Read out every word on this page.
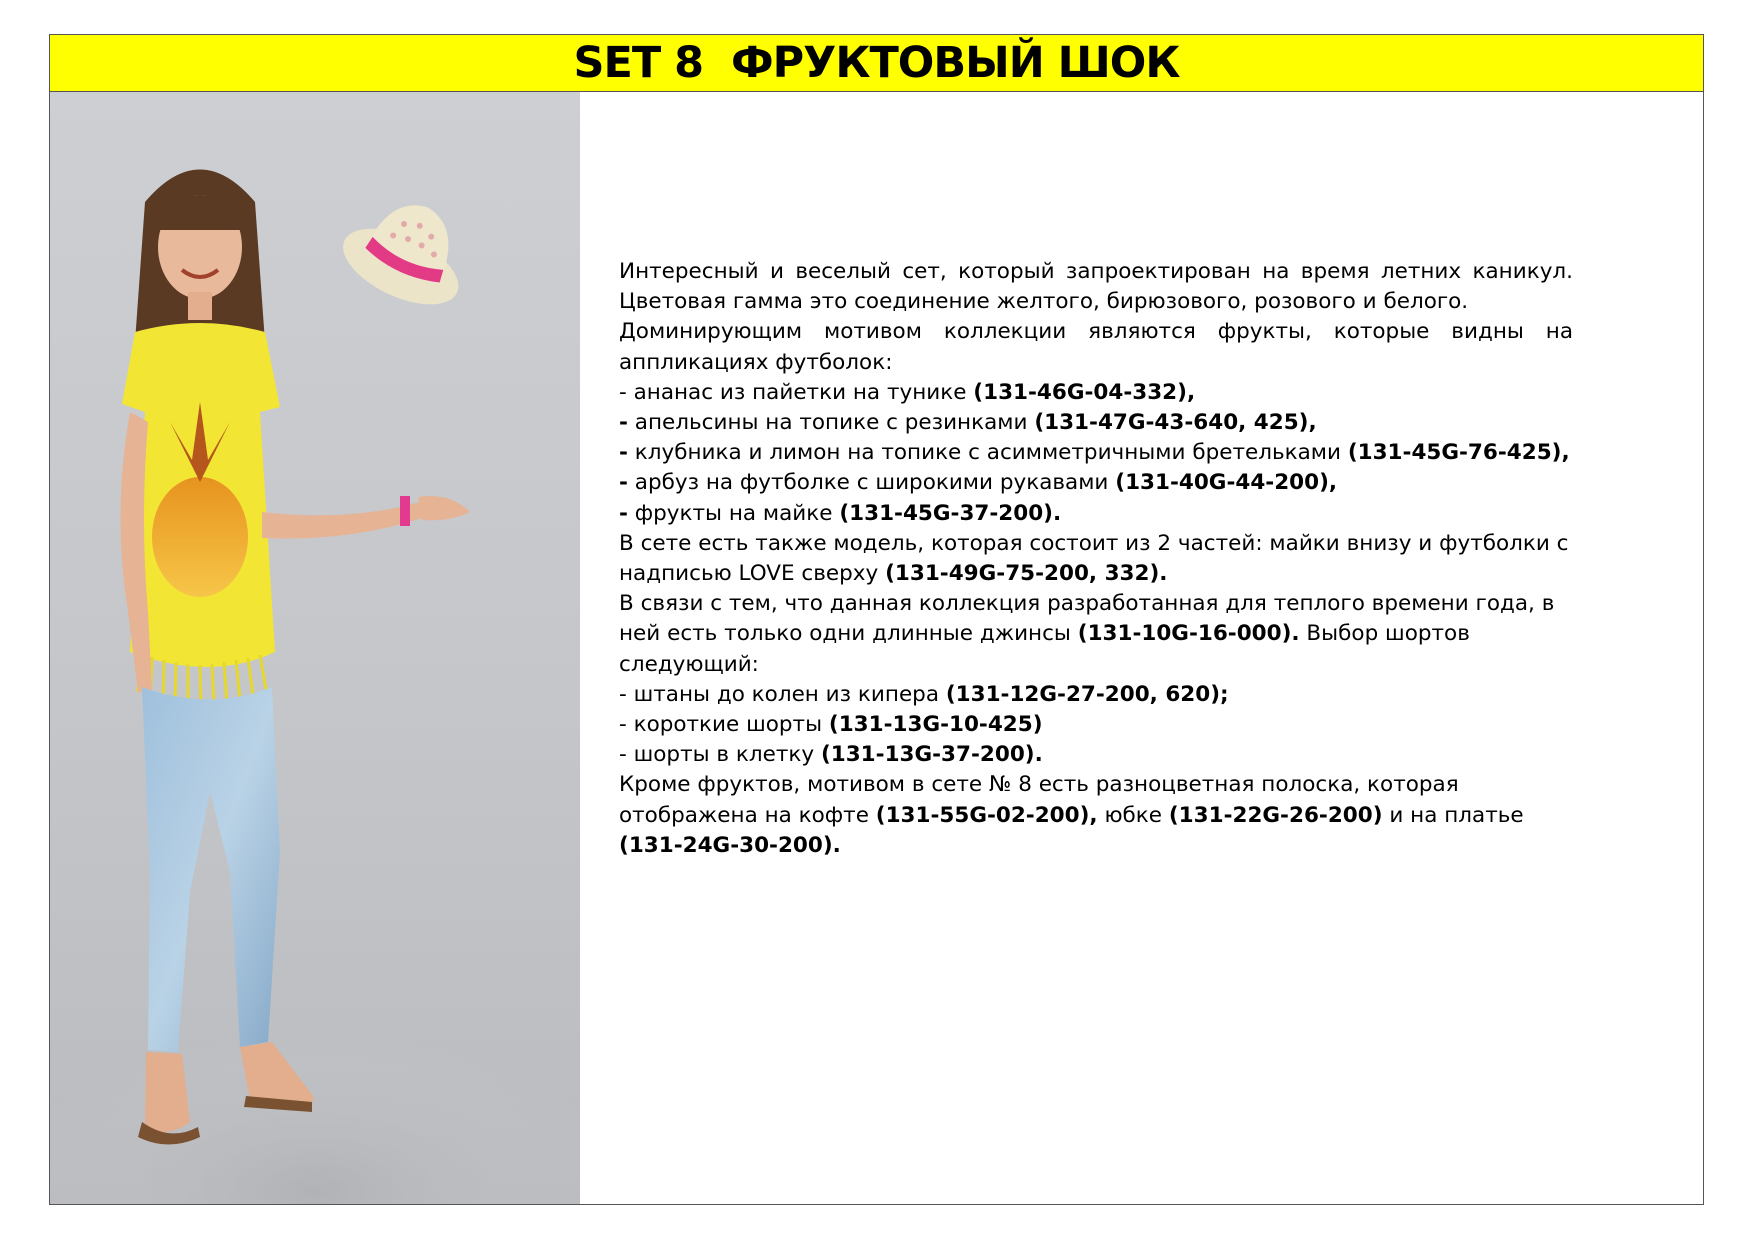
SET 8  ФРУКТОВЫЙ ШОК

Интересный и веселый сет, который запроектирован на время летних каникул. Цветовая гамма это соединение желтого, бирюзового, розового и белого.

Доминирующим мотивом коллекции являются фрукты, которые видны на аппликациях футболок:

- ананас из пайетки на тунике (131-46G-04-332),

- апельсины на топике с резинками (131-47G-43-640, 425),

- клубника и лимон на топике с асимметричными бретельками (131-45G-76-425),

- арбуз на футболке с широкими рукавами (131-40G-44-200),

- фрукты на майке (131-45G-37-200).

В сете есть также модель, которая состоит из 2 частей: майки внизу и футболки с надписью LOVE сверху (131-49G-75-200, 332).

В связи с тем, что данная коллекция разработанная для теплого времени года, в ней есть только одни длинные джинсы (131-10G-16-000). Выбор шортов следующий:

- штаны до колен из кипера (131-12G-27-200, 620);

- короткие шорты (131-13G-10-425)

- шорты в клетку (131-13G-37-200).

Кроме фруктов, мотивом в сете № 8 есть разноцветная полоска, которая отображена на кофте (131-55G-02-200), юбке (131-22G-26-200) и на платье (131-24G-30-200).
